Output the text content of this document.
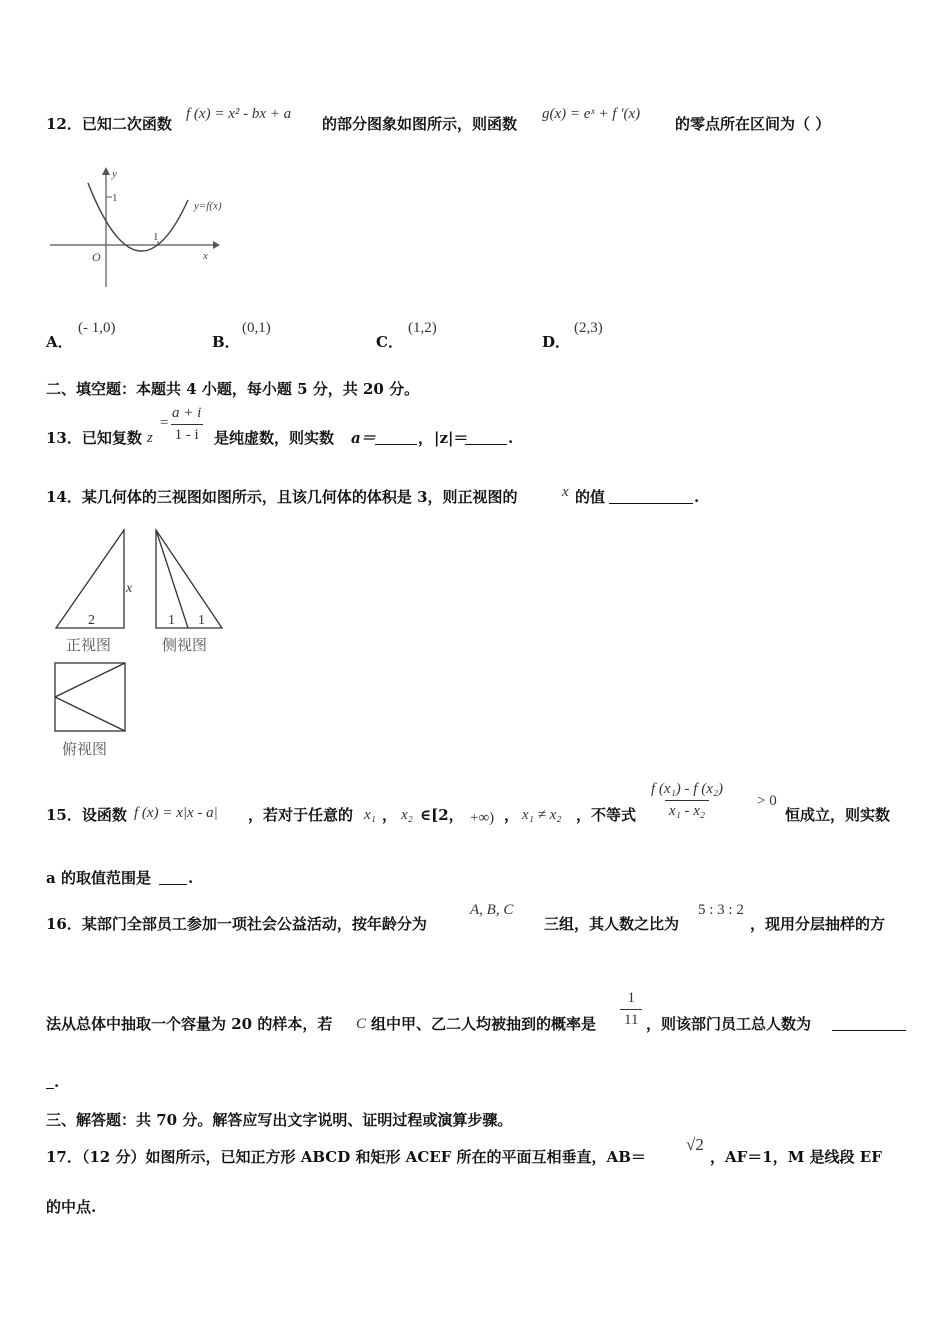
12．已知二次函数
f (x) = x² - bx + a
的部分图象如图所示，则函数
g(x) = eˣ + f ′(x)
的零点所在区间为（ ）
y
1
y=f(x)
1
O	x
A．
(- 1,0)
B．
(0,1)
C．
(1,2)
D．
(2,3)
二、填空题：本题共 4 小题，每小题 5 分，共 20 分。
13．已知复数 z
= $\frac{a + i}{1 - i}$ 是纯虚数，则实数 a＝	， |z|＝	.
14．某几何体的三视图如图所示，且该几何体的体积是 3，则正视图的	x 的值	.
2
x
正视图
1 1
侧视图
俯视图
15．设函数 f (x) = x|x - a| ，若对于任意的 x₁ ， x₂ ∈[2， +∞) ， x₁ ≠ x₂ ，不等式 $\frac{\text{f (x₁) - f (x₂)}}{\text{x₁ - x₂}} > 0$
恒成立，则实数
a 的取值范围是 .
16．某部门全部员工参加一项社会公益活动，按年龄分为
A, B, C
三组，其人数之比为
5 : 3 : 2
，现用分层抽样的方
法从总体中抽取一个容量为 20 的样本，若 C 组中甲、乙二人均被抽到的概率是 $\frac{1}{11}$ ，则该部门员工总人数为
.
三、解答题：共 70 分。解答应写出文字说明、证明过程或演算步骤。
17．（12 分）如图所示，已知正方形 ABCD 和矩形 ACEF 所在的平面互相垂直，AB＝
√2
，AF＝1，M 是线段 EF
的中点.
